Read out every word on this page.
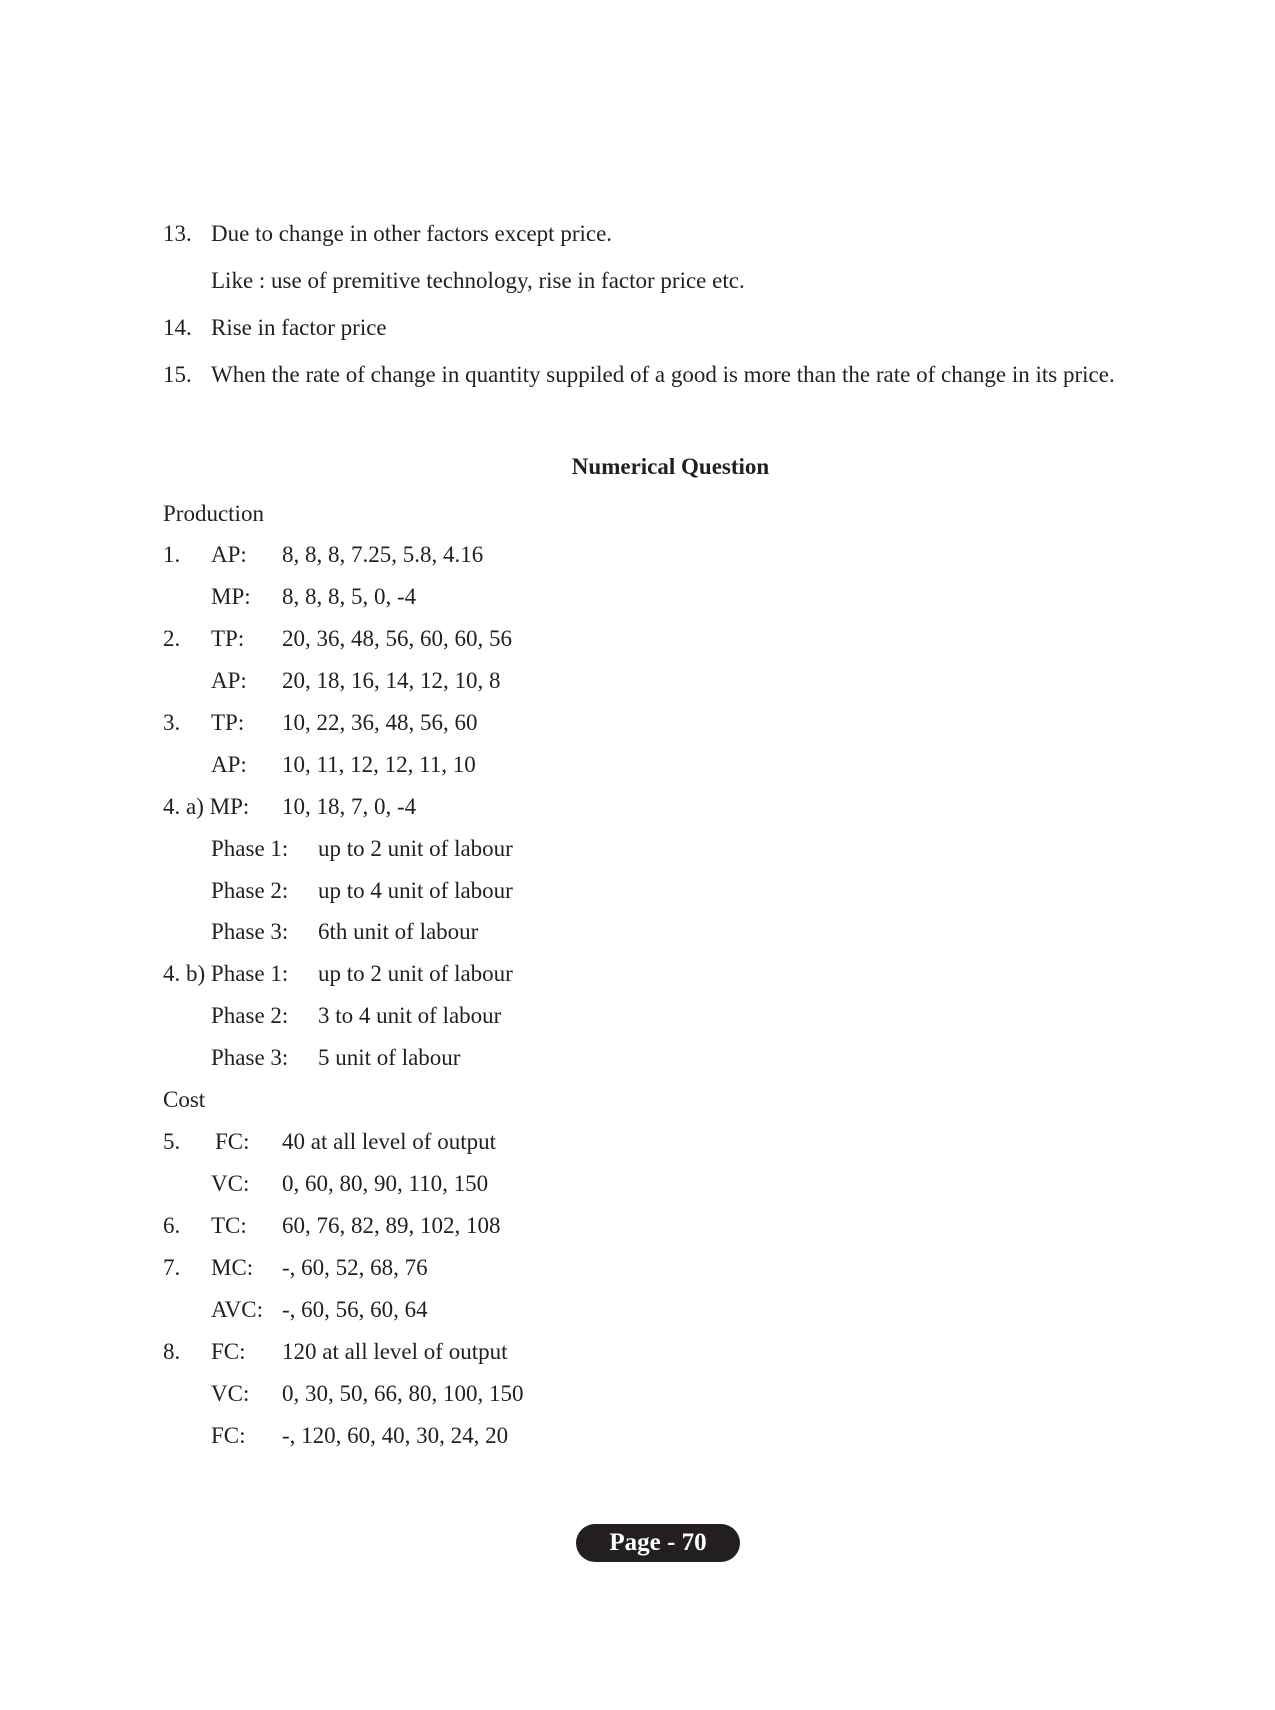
13. Due to change in other factors except price.
Like : use of premitive technology, rise in factor price etc.
14. Rise in factor price
15. When the rate of change in quantity suppiled of a good is more than the rate of change in its price.
Numerical Question
Production
1. AP: 8, 8, 8, 7.25, 5.8, 4.16
MP: 8, 8, 8, 5, 0, -4
2. TP: 20, 36, 48, 56, 60, 60, 56
AP: 20, 18, 16, 14, 12, 10, 8
3. TP: 10, 22, 36, 48, 56, 60
AP: 10, 11, 12, 12, 11, 10
4. a) MP: 10, 18, 7, 0, -4
Phase 1: up to 2 unit of labour
Phase 2: up to 4 unit of labour
Phase 3: 6th unit of labour
4. b) Phase 1: up to 2 unit of labour
Phase 2: 3 to 4 unit of labour
Phase 3: 5 unit of labour
Cost
5. FC: 40 at all level of output
VC: 0, 60, 80, 90, 110, 150
6. TC: 60, 76, 82, 89, 102, 108
7. MC: -, 60, 52, 68, 76
AVC: -, 60, 56, 60, 64
8. FC: 120 at all level of output
VC: 0, 30, 50, 66, 80, 100, 150
FC: -, 120, 60, 40, 30, 24, 20
Page - 70
